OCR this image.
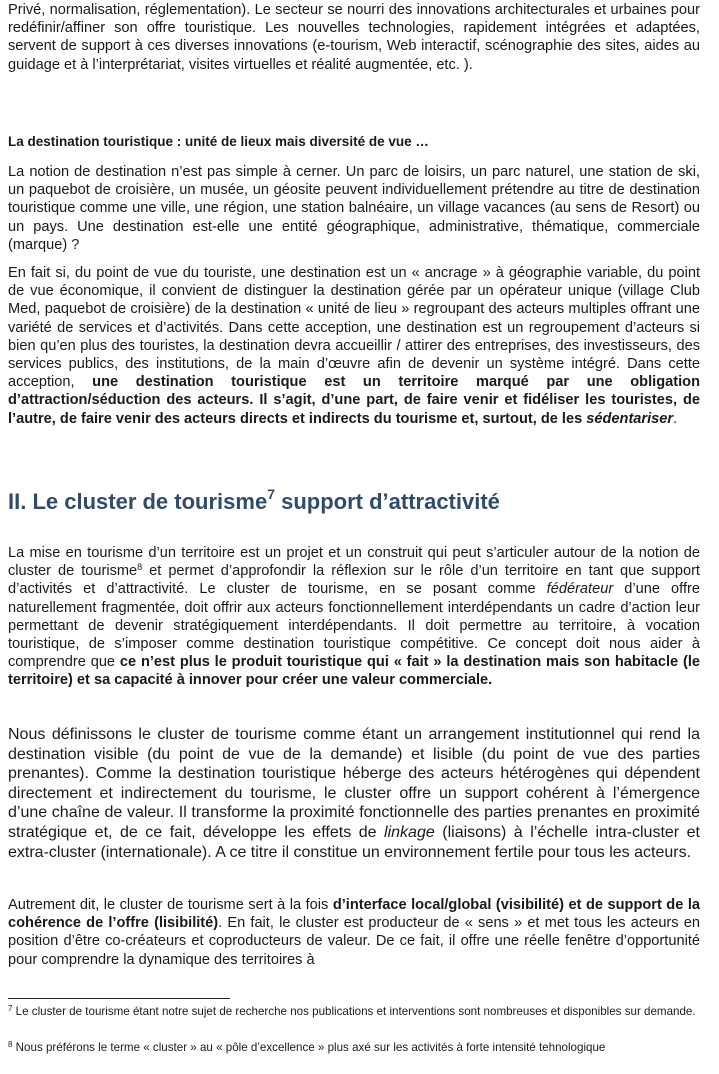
Privé, normalisation, réglementation). Le secteur se nourri des innovations architecturales et urbaines pour redéfinir/affiner son offre touristique. Les nouvelles technologies, rapidement intégrées et adaptées, servent de support à ces diverses innovations (e-tourism, Web interactif, scénographie des sites, aides au guidage et à l’interprétariat, visites virtuelles et réalité augmentée, etc. ).

La destination touristique : unité de lieux mais diversité de vue …

La notion de destination n’est pas simple à cerner. Un parc de loisirs, un parc naturel, une station de ski, un paquebot de croisière, un musée, un géosite peuvent individuellement prétendre au titre de destination touristique comme une ville, une région, une station balnéaire, un village vacances (au sens de Resort) ou un pays. Une destination est-elle une entité géographique, administrative, thématique, commerciale (marque) ?

En fait si, du point de vue du touriste, une destination est un « ancrage » à géographie variable, du point de vue économique, il convient de distinguer la destination gérée par un opérateur unique (village Club Med, paquebot de croisière) de la destination « unité de lieu » regroupant des acteurs multiples offrant une variété de services et d’activités. Dans cette acception, une destination est un regroupement d’acteurs si bien qu’en plus des touristes, la destination devra accueillir / attirer des entreprises, des investisseurs, des services publics, des institutions, de la main d’œuvre afin de devenir un système intégré. Dans cette acception, une destination touristique est un territoire marqué par une obligation d’attraction/séduction des acteurs. Il s’agit, d’une part, de faire venir et fidéliser les touristes, de l’autre, de faire venir des acteurs directs et indirects du tourisme et, surtout, de les sédentariser.

II. Le cluster de tourisme$^7$ support d’attractivité

La mise en tourisme d’un territoire est un projet et un construit qui peut s’articuler autour de la notion de cluster de tourisme$^8$ et permet d’approfondir la réflexion sur le rôle d’un territoire en tant que support d’activités et d’attractivité. Le cluster de tourisme, en se posant comme fédérateur d’une offre naturellement fragmentée, doit offrir aux acteurs fonctionnellement interdépendants un cadre d’action leur permettant de devenir stratégiquement interdépendants. Il doit permettre au territoire, à vocation touristique, de s’imposer comme destination touristique compétitive. Ce concept doit nous aider à comprendre que ce n’est plus le produit touristique qui « fait » la destination mais son habitacle (le territoire) et sa capacité à innover pour créer une valeur commerciale.

Nous définissons le cluster de tourisme comme étant un arrangement institutionnel qui rend la destination visible (du point de vue de la demande) et lisible (du point de vue des parties prenantes). Comme la destination touristique héberge des acteurs hétérogènes qui dépendent directement et indirectement du tourisme, le cluster offre un support cohérent à l’émergence d’une chaîne de valeur. Il transforme la proximité fonctionnelle des parties prenantes en proximité stratégique et, de ce fait, développe les effets de linkage (liaisons) à l’échelle intra-cluster et extra-cluster (internationale). A ce titre il constitue un environnement fertile pour tous les acteurs.

Autrement dit, le cluster de tourisme sert à la fois d’interface local/global (visibilité) et de support de la cohérence de l’offre (lisibilité). En fait, le cluster est producteur de « sens » et met tous les acteurs en position d’être co-créateurs et coproducteurs de valeur. De ce fait, il offre une réelle fenêtre d’opportunité pour comprendre la dynamique des territoires à

$^7$ Le cluster de tourisme étant notre sujet de recherche nos publications et interventions sont nombreuses et disponibles sur demande.

$^8$ Nous préférons le terme « cluster » au « pôle d’excellence » plus axé sur les activités à forte intensité tehnologique
